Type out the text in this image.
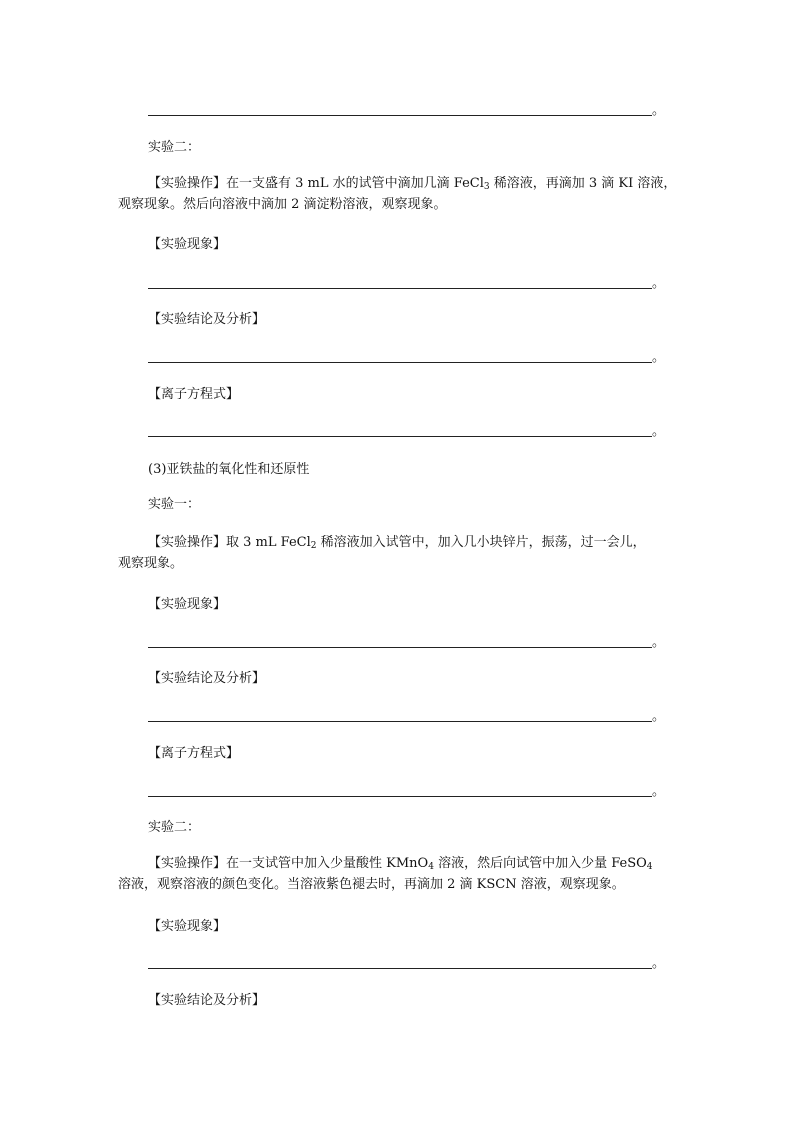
。
实验二：
【实验操作】在一支盛有 3 mL 水的试管中滴加几滴 FeCl$_3$ 稀溶液，再滴加 3 滴 KI 溶液，
观察现象。然后向溶液中滴加 2 滴淀粉溶液，观察现象。
【实验现象】
。
【实验结论及分析】
。
【离子方程式】
。
(3)亚铁盐的氧化性和还原性
实验一：
【实验操作】取 3 mL FeCl$_2$ 稀溶液加入试管中，加入几小块锌片，振荡，过一会儿，
观察现象。
【实验现象】
。
【实验结论及分析】
。
【离子方程式】
。
实验二：
【实验操作】在一支试管中加入少量酸性 KMnO$_4$ 溶液，然后向试管中加入少量 FeSO$_4$
溶液，观察溶液的颜色变化。当溶液紫色褪去时，再滴加 2 滴 KSCN 溶液，观察现象。
【实验现象】
。
【实验结论及分析】
